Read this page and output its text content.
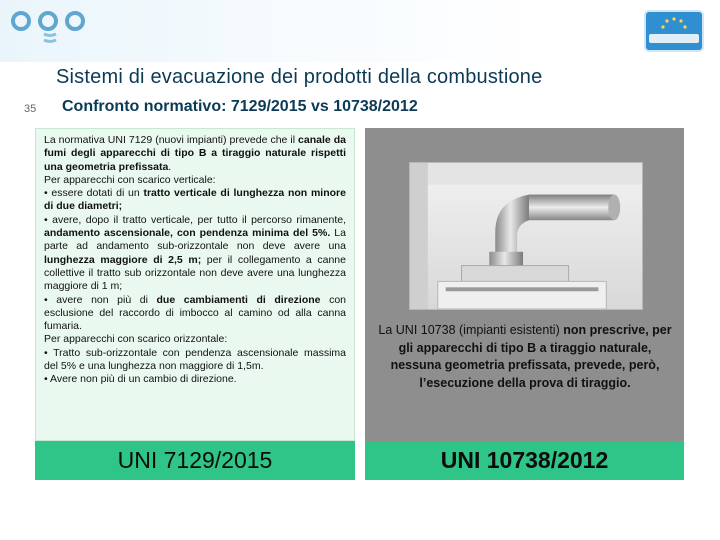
Sistemi di evacuazione dei prodotti della combustione
35 Confronto normativo: 7129/2015 vs 10738/2012

La normativa UNI 7129 (nuovi impianti) prevede che il canale da fumi degli apparecchi di tipo B a tiraggio naturale rispetti una geometria prefissata.

Per apparecchi con scarico verticale:

• essere dotati di un tratto verticale di lunghezza non minore di due diametri;

• avere, dopo il tratto verticale, per tutto il percorso rimanente, andamento ascensionale, con pendenza minima del 5%. La parte ad andamento sub-orizzontale non deve avere una lunghezza maggiore di 2,5 m; per il collegamento a canne collettive il tratto sub orizzontale non deve avere una lunghezza maggiore di 1 m;

• avere non più di due cambiamenti di direzione con esclusione del raccordo di imbocco al camino od alla canna fumaria.

Per apparecchi con scarico orizzontale:

• Tratto sub-orizzontale con pendenza ascensionale massima del 5% e una lunghezza non maggiore di 1,5m.

• Avere non più di un cambio di direzione.

La UNI 10738 (impianti esistenti) non prescrive, per gli apparecchi di tipo B a tiraggio naturale, nessuna geometria prefissata, prevede, però, l’esecuzione della prova di tiraggio.
UNI 7129/2015	UNI 10738/2012
